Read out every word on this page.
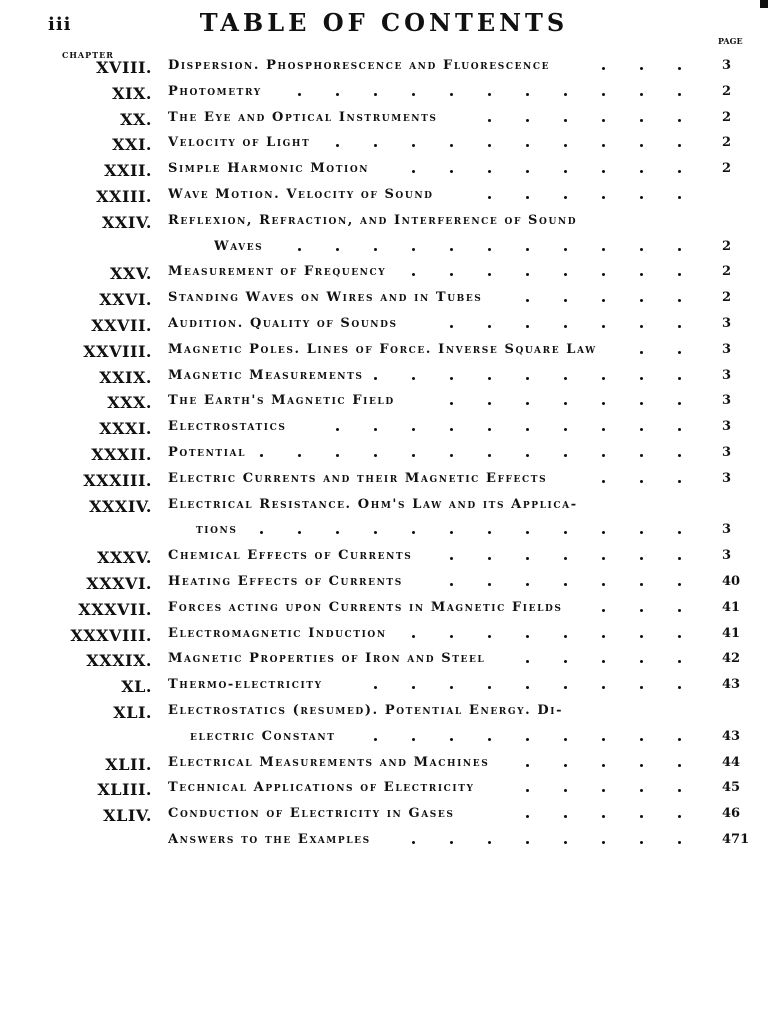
iii	TABLE OF CONTENTS
CHAPTER
PAGE
XVIII. Dispersion. Phosphorescence and Fluorescence	3
XIX. Photometry	2
XX. The Eye and Optical Instruments	2
XXI. Velocity of Light	2
XXII. Simple Harmonic Motion	2
XXIII. Wave Motion. Velocity of Sound
XXIV. Reflexion, Refraction, and Interference of Sound
Waves	2
XXV. Measurement of Frequency	2
XXVI. Standing Waves on Wires and in Tubes	2
XXVII. Audition. Quality of Sounds	3
XXVIII. Magnetic Poles. Lines of Force. Inverse Square Law	3
XXIX. Magnetic Measurements	3
XXX. The Earth's Magnetic Field	3
XXXI. Electrostatics	3
XXXII. Potential	3
XXXIII. Electric Currents and their Magnetic Effects	3
XXXIV. Electrical Resistance. Ohm's Law and its Applica-
tions	3
XXXV. Chemical Effects of Currents	3
XXXVI. Heating Effects of Currents	40
XXXVII. Forces acting upon Currents in Magnetic Fields	41
XXXVIII. Electromagnetic Induction	41
XXXIX. Magnetic Properties of Iron and Steel	42
XL. Thermo-electricity	43
XLI. Electrostatics (resumed). Potential Energy. Di-
electric Constant	43
XLII. Electrical Measurements and Machines	44
XLIII. Technical Applications of Electricity	45
XLIV. Conduction of Electricity in Gases	46
Answers to the Examples	471
